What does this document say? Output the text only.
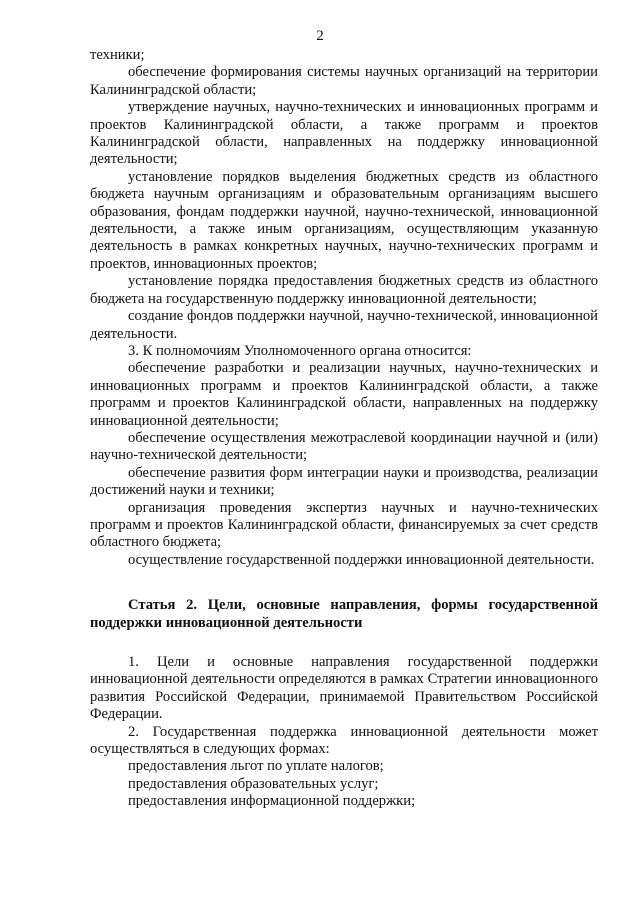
2

техники;

обеспечение формирования системы научных организаций на территории Калининградской области;

утверждение научных, научно-технических и инновационных программ и проектов Калининградской области, а также программ и проектов Калининградской области, направленных на поддержку инновационной деятельности;

установление порядков выделения бюджетных средств из областного бюджета научным организациям и образовательным организациям высшего образования, фондам поддержки научной, научно-технической, инновационной деятельности, а также иным организациям, осуществляющим указанную деятельность в рамках конкретных научных, научно-технических программ и проектов, инновационных проектов;

установление порядка предоставления бюджетных средств из областного бюджета на государственную поддержку инновационной деятельности;

создание фондов поддержки научной, научно-технической, инновационной деятельности.

3. К полномочиям Уполномоченного органа относится:

обеспечение разработки и реализации научных, научно-технических и инновационных программ и проектов Калининградской области, а также программ и проектов Калининградской области, направленных на поддержку инновационной деятельности;

обеспечение осуществления межотраслевой координации научной и (или) научно-технической деятельности;

обеспечение развития форм интеграции науки и производства, реализации достижений науки и техники;

организация проведения экспертиз научных и научно-технических программ и проектов Калининградской области, финансируемых за счет средств областного бюджета;

осуществление государственной поддержки инновационной деятельности.

Статья 2. Цели, основные направления, формы государственной поддержки инновационной деятельности

1. Цели и основные направления государственной поддержки инновационной деятельности определяются в рамках Стратегии инновационного развития Российской Федерации, принимаемой Правительством Российской Федерации.

2. Государственная поддержка инновационной деятельности может осуществляться в следующих формах:

предоставления льгот по уплате налогов;

предоставления образовательных услуг;

предоставления информационной поддержки;
